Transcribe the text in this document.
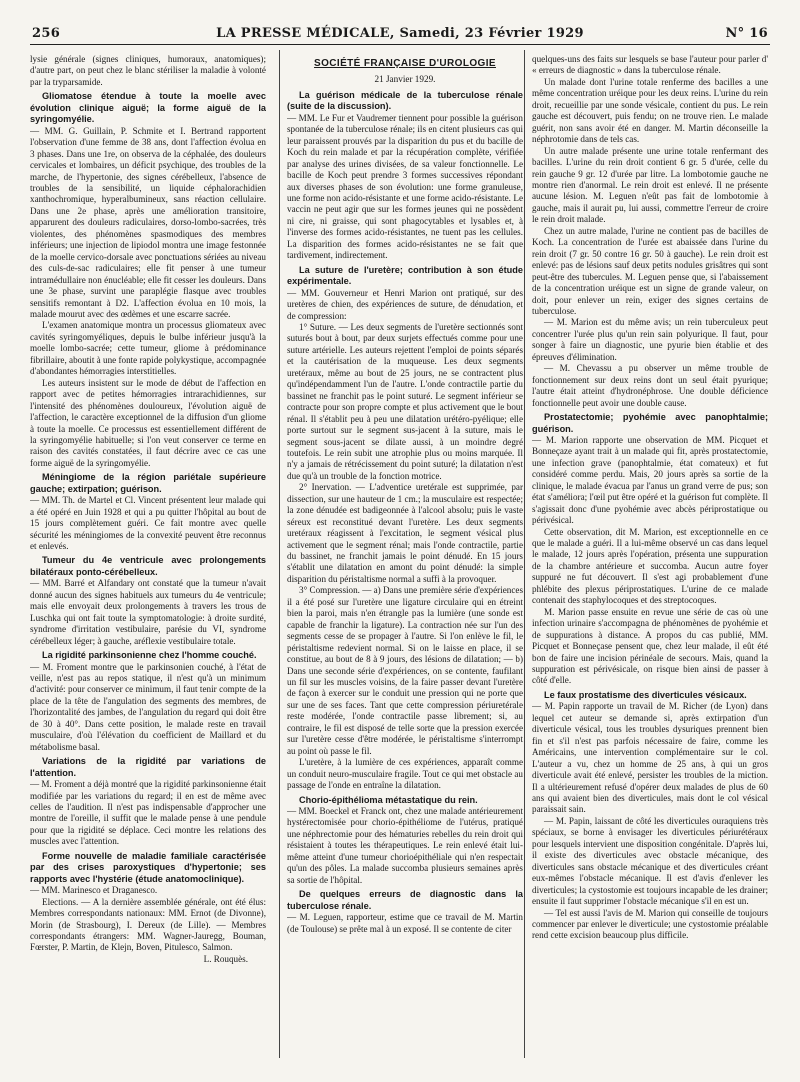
256	LA PRESSE MÉDICALE, Samedi, 23 Février 1929	N° 16

lysie générale (signes cliniques, humoraux, anatomiques); d'autre part, on peut chez le blanc stériliser la maladie à volonté par la tryparsamide.

Gliomatose étendue à toute la moelle avec évolution clinique aiguë; la forme aiguë de la syringomyélie.

— MM. G. Guillain, P. Schmite et I. Bertrand rapportent l'observation d'une femme de 38 ans, dont l'affection évolua en 3 phases. Dans une 1re, on observa de la céphalée, des douleurs cervicales et lombaires, un déficit psychique, des troubles de la marche, de l'hypertonie, des signes cérébelleux, l'absence de troubles de la sensibilité, un liquide céphalorachidien xanthochromique, hyperalbumineux, sans réaction cellulaire. Dans une 2e phase, après une amélioration transitoire, apparurent des douleurs radiculaires, dorso-lombo-sacrées, très violentes, des phénomènes spasmodiques des membres inférieurs; une injection de lipiodol montra une image festonnée de la moelle cervico-dorsale avec ponctuations sériées au niveau des culs-de-sac radiculaires; elle fit penser à une tumeur intramédullaire non énucléable; elle fit cesser les douleurs. Dans une 3e phase, survint une paraplégie flasque avec troubles sensitifs remontant à D2. L'affection évolua en 10 mois, la malade mourut avec des œdèmes et une escarre sacrée.

L'examen anatomique montra un processus gliomateux avec cavités syringomyéliques, depuis le bulbe inférieur jusqu'à la moelle lombo-sacrée; cette tumeur, gliome à prédominance fibrillaire, aboutit à une fonte rapide polykystique, accompagnée d'abondantes hémorragies interstitielles.

Les auteurs insistent sur le mode de début de l'affection en rapport avec de petites hémorragies intrarachidiennes, sur l'intensité des phénomènes douloureux, l'évolution aiguë de l'affection, le caractère exceptionnel de la diffusion d'un gliome à toute la moelle. Ce processus est essentiellement différent de la syringomyélie habituelle; si l'on veut conserver ce terme en raison des cavités constatées, il faut décrire avec ce cas une forme aiguë de la syringomyélie.

Méningiome de la région pariétale supérieure gauche; extirpation; guérison.

— MM. Th. de Martel et Cl. Vincent présentent leur malade qui a été opéré en Juin 1928 et qui a pu quitter l'hôpital au bout de 15 jours complètement guéri. Ce fait montre avec quelle sécurité les méningiomes de la convexité peuvent être reconnus et enlevés.

Tumeur du 4e ventricule avec prolongements bilatéraux ponto-cérébelleux.

— MM. Barré et Alfandary ont constaté que la tumeur n'avait donné aucun des signes habituels aux tumeurs du 4e ventricule; mais elle envoyait deux prolongements à travers les trous de Luschka qui ont fait toute la symptomatologie: à droite surdité, syndrome d'irritation vestibulaire, parésie du VI, syndrome cérébelleux léger; à gauche, aréflexie vestibulaire totale.

La rigidité parkinsonienne chez l'homme couché.

— M. Froment montre que le parkinsonien couché, à l'état de veille, n'est pas au repos statique, il n'est qu'à un minimum d'activité: pour conserver ce minimum, il faut tenir compte de la place de la tête de l'angulation des segments des membres, de l'horizontalité des jambes, de l'angulation du regard qui doit être de 30 à 40°. Dans cette position, le malade reste en travail musculaire, d'où l'élévation du coefficient de Maillard et du métabolisme basal.

Variations de la rigidité par variations de l'attention.

— M. Froment a déjà montré que la rigidité parkinsonienne était modifiée par les variations du regard; il en est de même avec celles de l'audition. Il n'est pas indispensable d'approcher une montre de l'oreille, il suffit que le malade pense à une pendule pour que la rigidité se déplace. Ceci montre les relations des muscles avec l'attention.

Forme nouvelle de maladie familiale caractérisée par des crises paroxystiques d'hypertonie; ses rapports avec l'hystérie (étude anatomoclinique).

— MM. Marinesco et Draganesco.

Elections. — A la dernière assemblée générale, ont été élus: Membres correspondants nationaux: MM. Ernot (de Divonne), Morin (de Strasbourg), I. Dereux (de Lille). — Membres correspondants étrangers: MM. Wagner-Jauregg, Bouman, Fœrster, P. Martin, de Klejn, Boven, Pitulesco, Salmon.

L. Rouquès.

SOCIÉTÉ FRANÇAISE D'UROLOGIE

21 Janvier 1929.

La guérison médicale de la tuberculose rénale (suite de la discussion).

— MM. Le Fur et Vaudremer tiennent pour possible la guérison spontanée de la tuberculose rénale; ils en citent plusieurs cas qui leur paraissent prouvés par la disparition du pus et du bacille de Koch du rein malade et par la récupération complète, vérifiée par analyse des urines divisées, de sa valeur fonctionnelle. Le bacille de Koch peut prendre 3 formes successives répondant aux diverses phases de son évolution: une forme granuleuse, une forme non acido-résistante et une forme acido-résistante. Le vaccin ne peut agir que sur les formes jeunes qui ne possèdent ni cire, ni graisse, qui sont phagocytables et lysables et, à l'inverse des formes acido-résistantes, ne tuent pas les cellules. La disparition des formes acido-résistantes ne se fait que tardivement, indirectement.

La suture de l'uretère; contribution à son étude expérimentale.

— MM. Gouverneur et Henri Marion ont pratiqué, sur des uretères de chien, des expériences de suture, de dénudation, et de compression:

1° Suture. — Les deux segments de l'uretère sectionnés sont suturés bout à bout, par deux surjets effectués comme pour une suture artérielle. Les auteurs rejettent l'emploi de points séparés et la cautérisation de la muqueuse. Les deux segments uretéraux, même au bout de 25 jours, ne se contractent plus qu'indépendamment l'un de l'autre. L'onde contractile partie du bassinet ne franchit pas le point suturé. Le segment inférieur se contracte pour son propre compte et plus activement que le bout rénal. Il s'établit peu à peu une dilatation urétéro-pyélique; elle porte surtout sur le segment sus-jacent à la suture, mais le segment sous-jacent se dilate aussi, à un moindre degré toutefois. Le rein subit une atrophie plus ou moins marquée. Il n'y a jamais de rétrécissement du point suturé; la dilatation n'est due qu'à un trouble de la fonction motrice.

2° Inervation. — L'adventice uretérale est supprimée, par dissection, sur une hauteur de 1 cm.; la musculaire est respectée; la zone dénudée est badigeonnée à l'alcool absolu; puis le vaste séreux est reconstitué devant l'uretère. Les deux segments uretéraux réagissent à l'excitation, le segment vésical plus activement que le segment rénal; mais l'onde contractile, partie du bassinet, ne franchit jamais le point dénudé. En 15 jours s'établit une dilatation en amont du point dénudé: la simple disparition du péristaltisme normal a suffi à la provoquer.

3° Compression. — a) Dans une première série d'expériences il a été posé sur l'uretère une ligature circulaire qui en étreint bien la paroi, mais n'en étrangle pas la lumière (une sonde est capable de franchir la ligature). La contraction née sur l'un des segments cesse de se propager à l'autre. Si l'on enlève le fil, le péristaltisme redevient normal. Si on le laisse en place, il se constitue, au bout de 8 à 9 jours, des lésions de dilatation; — b) Dans une seconde série d'expériences, on se contente, faufilant un fil sur les muscles voisins, de la faire passer devant l'uretère de façon à exercer sur le conduit une pression qui ne porte que sur une de ses faces. Tant que cette compression périuretérale reste modérée, l'onde contractile passe librement; si, au contraire, le fil est disposé de telle sorte que la pression exercée sur l'uretère cesse d'être modérée, le péristaltisme s'interrompt au point où passe le fil.

L'uretère, à la lumière de ces expériences, apparaît comme un conduit neuro-musculaire fragile. Tout ce qui met obstacle au passage de l'onde en entraîne la dilatation.

Chorio-épithélioma métastatique du rein.

— MM. Boeckel et Franck ont, chez une malade antérieurement hystérectomisée pour chorio-épithéliome de l'utérus, pratiqué une néphrectomie pour des hématuries rebelles du rein droit qui résistaient à toutes les thérapeutiques. Le rein enlevé était lui-même atteint d'une tumeur chorioépithéliale qui n'en respectait qu'un des pôles. La malade succomba plusieurs semaines après sa sortie de l'hôpital.

De quelques erreurs de diagnostic dans la tuberculose rénale.

— M. Leguen, rapporteur, estime que ce travail de M. Martin (de Toulouse) se prête mal à un exposé. Il se contente de citer

quelques-uns des faits sur lesquels se base l'auteur pour parler d' « erreurs de diagnostic » dans la tuberculose rénale.

Un malade dont l'urine totale renferme des bacilles a une même concentration uréique pour les deux reins. L'urine du rein droit, recueillie par une sonde vésicale, contient du pus. Le rein gauche est découvert, puis fendu; on ne trouve rien. Le malade guérit, non sans avoir été en danger. M. Martin déconseille la néphrotomie dans de tels cas.

Un autre malade présente une urine totale renfermant des bacilles. L'urine du rein droit contient 6 gr. 5 d'urée, celle du rein gauche 9 gr. 12 d'urée par litre. La lombotomie gauche ne montre rien d'anormal. Le rein droit est enlevé. Il ne présente aucune lésion. M. Leguen n'eût pas fait de lombotomie à gauche, mais il aurait pu, lui aussi, commettre l'erreur de croire le rein droit malade.

Chez un autre malade, l'urine ne contient pas de bacilles de Koch. La concentration de l'urée est abaissée dans l'urine du rein droit (7 gr. 50 contre 16 gr. 50 à gauche). Le rein droit est enlevé: pas de lésions sauf deux petits nodules grisâtres qui sont peut-être des tubercules. M. Leguen pense que, si l'abaissement de la concentration uréique est un signe de grande valeur, on doit, pour enlever un rein, exiger des signes certains de tuberculose.

— M. Marion est du même avis; un rein tuberculeux peut concentrer l'urée plus qu'un rein sain polyurique. Il faut, pour songer à faire un diagnostic, une pyurie bien établie et des épreuves d'élimination.

— M. Chevassu a pu observer un même trouble de fonctionnement sur deux reins dont un seul était pyurique; l'autre était atteint d'hydronéphrose. Une double déficience fonctionnelle peut avoir une double cause.

Prostatectomie; pyohémie avec panophtalmie; guérison.

— M. Marion rapporte une observation de MM. Picquet et Bonneçaze ayant trait à un malade qui fit, après prostatectomie, une infection grave (panophtalmie, état comateux) et fut considéré comme perdu. Mais, 20 jours après sa sortie de la clinique, le malade évacua par l'anus un grand verre de pus; son état s'améliora; l'œil put être opéré et la guérison fut complète. Il s'agissait donc d'une pyohémie avec abcès périprostatique ou périvésical.

Cette observation, dit M. Marion, est exceptionnelle en ce que le malade a guéri. Il a lui-même observé un cas dans lequel le malade, 12 jours après l'opération, présenta une suppuration de la chambre antérieure et succomba. Aucun autre foyer suppuré ne fut découvert. Il s'est agi probablement d'une phlébite des plexus périprostatiques. L'urine de ce malade contenait des staphylocoques et des streptocoques.

M. Marion passe ensuite en revue une série de cas où une infection urinaire s'accompagna de phénomènes de pyohémie et de suppurations à distance. A propos du cas publié, MM. Picquet et Bonneçase pensent que, chez leur malade, il eût été bon de faire une incision périnéale de secours. Mais, quand la suppuration est périvésicale, on risque bien ainsi de passer à côté d'elle.

Le faux prostatisme des diverticules vésicaux.

— M. Papin rapporte un travail de M. Richer (de Lyon) dans lequel cet auteur se demande si, après extirpation d'un diverticule vésical, tous les troubles dysuriques prennent bien fin et s'il n'est pas parfois nécessaire de faire, comme les Américains, une intervention complémentaire sur le col. L'auteur a vu, chez un homme de 25 ans, à qui un gros diverticule avait été enlevé, persister les troubles de la miction. Il a ultérieurement refusé d'opérer deux malades de plus de 60 ans qui avaient bien des diverticules, mais dont le col vésical paraissait sain.

— M. Papin, laissant de côté les diverticules ouraquiens très spéciaux, se borne à envisager les diverticules périurétéraux pour lesquels intervient une disposition congénitale. D'après lui, il existe des diverticules avec obstacle mécanique, des diverticules sans obstacle mécanique et des diverticules créant eux-mêmes l'obstacle mécanique. Il est d'avis d'enlever les diverticules; la cystostomie est toujours incapable de les drainer; ensuite il faut supprimer l'obstacle mécanique s'il en est un.

— Tel est aussi l'avis de M. Marion qui conseille de toujours commencer par enlever le diverticule; une cystostomie préalable rend cette excision beaucoup plus difficile.
